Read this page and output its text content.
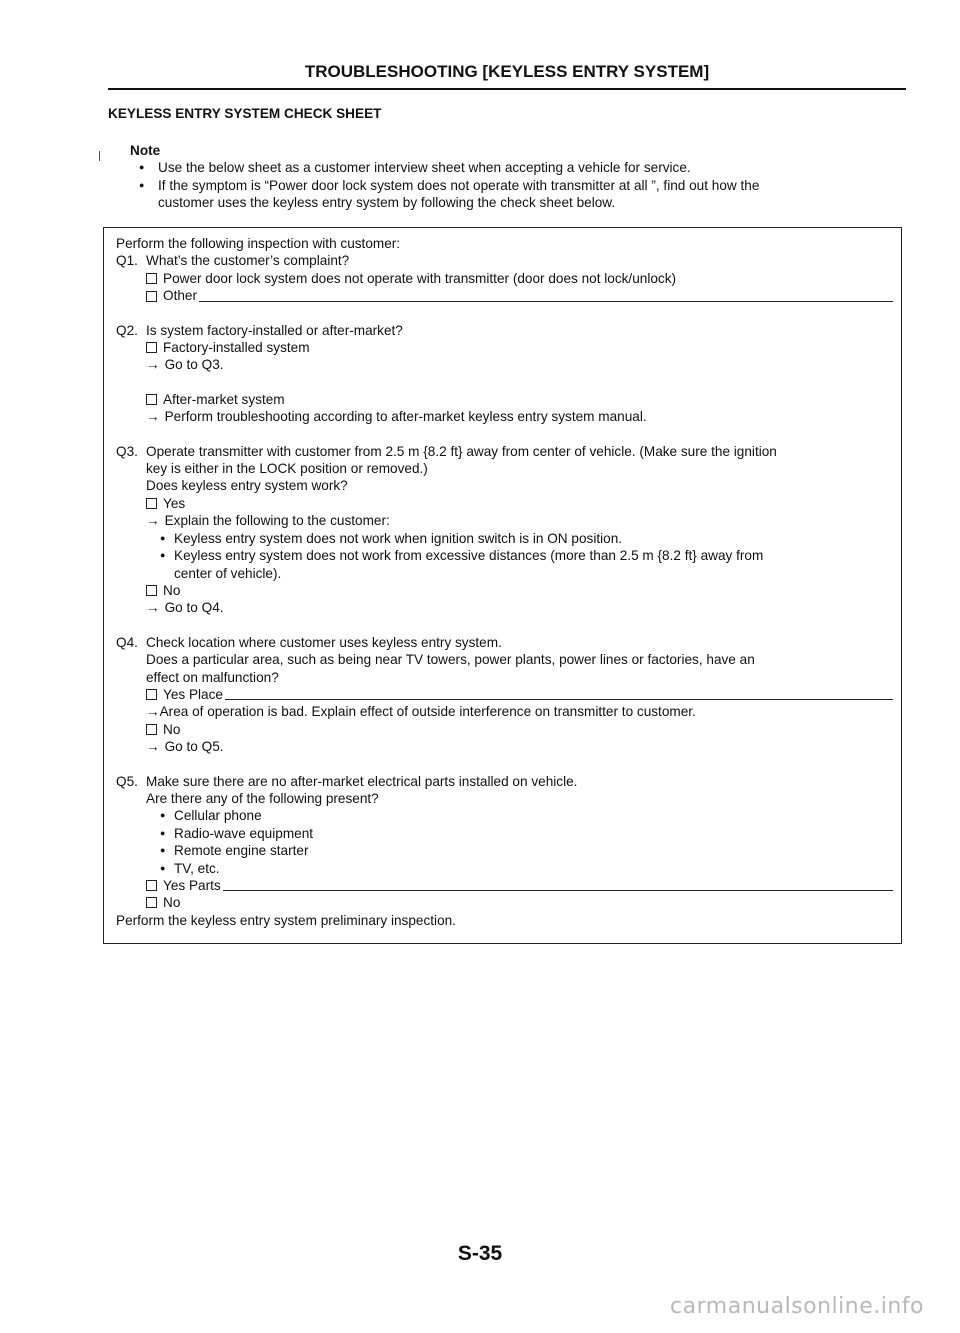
TROUBLESHOOTING [KEYLESS ENTRY SYSTEM]
KEYLESS ENTRY SYSTEM CHECK SHEET

Note

● Use the below sheet as a customer interview sheet when accepting a vehicle for service.
● If the symptom is “Power door lock system does not operate with transmitter at all ”, find out how the

customer uses the keyless entry system by following the check sheet below.

Perform the following inspection with customer:

Q1. What’s the customer’s complaint?

Power door lock system does not operate with transmitter (door does not lock/unlock)

Other
Q2. Is system factory-installed or after-market?

Factory-installed system

→ Go to Q3.

After-market system

→ Perform troubleshooting according to after-market keyless entry system manual.

Q3. Operate transmitter with customer from 2.5 m {8.2 ft} away from center of vehicle. (Make sure the ignition

key is either in the LOCK position or removed.)

Does keyless entry system work?

Yes

→ Explain the following to the customer:

● Keyless entry system does not work when ignition switch is in ON position.

● Keyless entry system does not work from excessive distances (more than 2.5 m {8.2 ft} away from

center of vehicle).

No

→ Go to Q4.

Q4. Check location where customer uses keyless entry system.

Does a particular area, such as being near TV towers, power plants, power lines or factories, have an

effect on malfunction?

Yes Place

→Area of operation is bad. Explain effect of outside interference on transmitter to customer.

No

→ Go to Q5.

Q5. Make sure there are no after-market electrical parts installed on vehicle.

Are there any of the following present?

● Cellular phone

● Radio-wave equipment

● Remote engine starter

● TV, etc.

Yes Parts

No

Perform the keyless entry system preliminary inspection.

S-35
carmanualsonline.info
